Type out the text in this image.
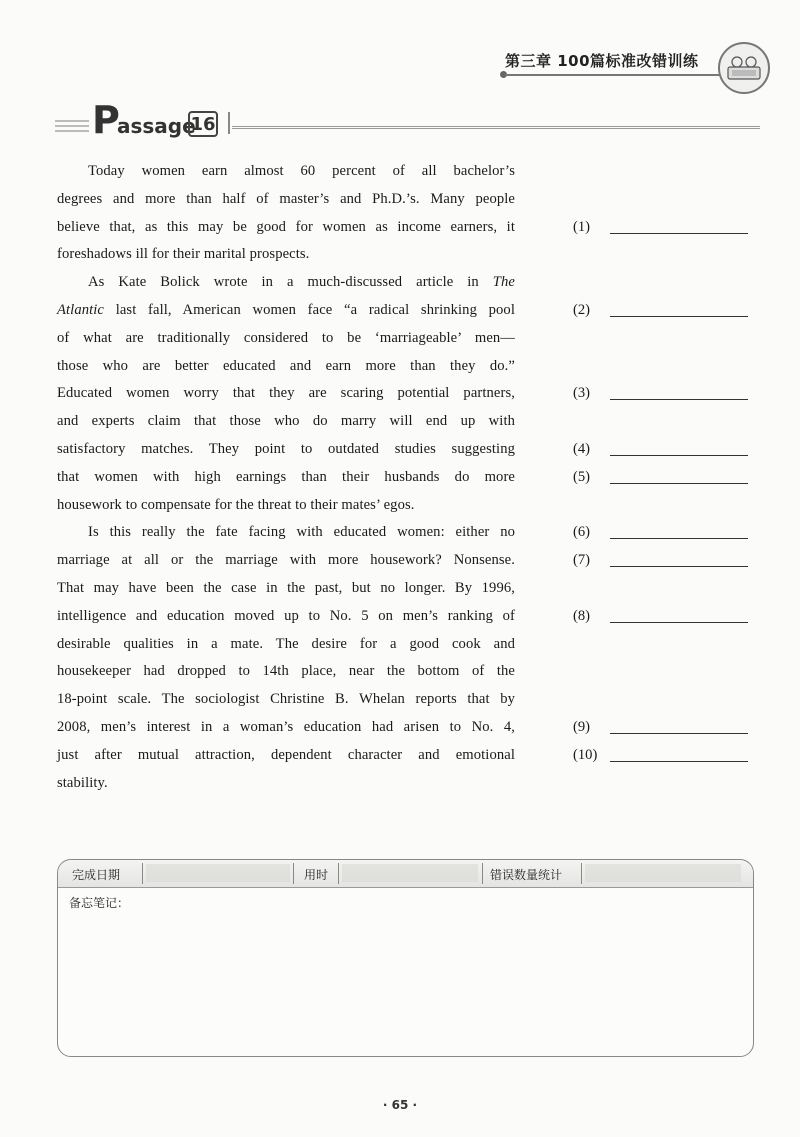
第三章 100篇标准改错训练
P
assage
16
Today women earn almost 60 percent of all bachelor’s
degrees and more than half of master’s and Ph.D.’s. Many people
believe that, as this may be good for women as income earners, it
foreshadows ill for their marital prospects.
As Kate Bolick wrote in a much-discussed article in The
Atlantic last fall, American women face “a radical shrinking pool
of what are traditionally considered to be ‘marriageable’ men—
those who are better educated and earn more than they do.”
Educated women worry that they are scaring potential partners,
and experts claim that those who do marry will end up with
satisfactory matches. They point to outdated studies suggesting
that women with high earnings than their husbands do more
housework to compensate for the threat to their mates’ egos.
Is this really the fate facing with educated women: either no
marriage at all or the marriage with more housework? Nonsense.
That may have been the case in the past, but no longer. By 1996,
intelligence and education moved up to No. 5 on men’s ranking of
desirable qualities in a mate. The desire for a good cook and
housekeeper had dropped to 14th place, near the bottom of the
18-point scale. The sociologist Christine B. Whelan reports that by
2008, men’s interest in a woman’s education had arisen to No. 4,
just after mutual attraction, dependent character and emotional
stability.
(1)
(2)
(3)
(4)
(5)
(6)
(7)
(8)
(9)
(10)
完成日期	用时	错误数量统计
备忘笔记：
· 65 ·
